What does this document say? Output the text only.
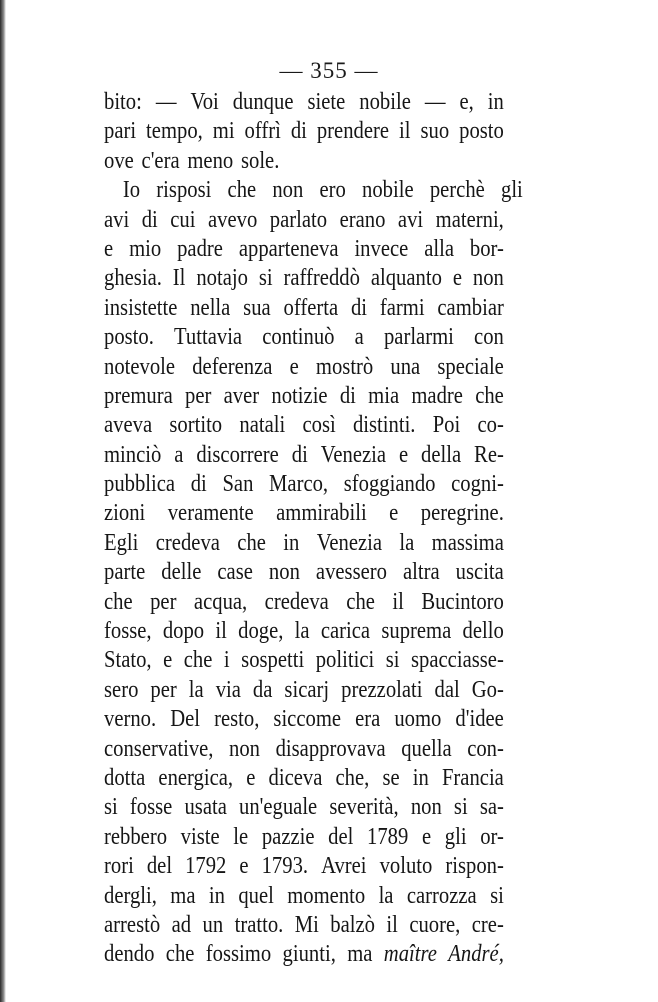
— 355 —
bito: — Voi dunque siete nobile — e, in
pari tempo, mi offrì di prendere il suo posto
ove c'era meno sole.
Io risposi che non ero nobile perchè gli
avi di cui avevo parlato erano avi materni,
e mio padre apparteneva invece alla bor-
ghesia. Il notajo si raffreddò alquanto e non
insistette nella sua offerta di farmi cambiar
posto. Tuttavia continuò a parlarmi con
notevole deferenza e mostrò una speciale
premura per aver notizie di mia madre che
aveva sortito natali così distinti. Poi co-
minciò a discorrere di Venezia e della Re-
pubblica di San Marco, sfoggiando cogni-
zioni veramente ammirabili e peregrine.
Egli credeva che in Venezia la massima
parte delle case non avessero altra uscita
che per acqua, credeva che il Bucintoro
fosse, dopo il doge, la carica suprema dello
Stato, e che i sospetti politici si spacciasse-
sero per la via da sicarj prezzolati dal Go-
verno. Del resto, siccome era uomo d'idee
conservative, non disapprovava quella con-
dotta energica, e diceva che, se in Francia
si fosse usata un'eguale severità, non si sa-
rebbero viste le pazzie del 1789 e gli or-
rori del 1792 e 1793. Avrei voluto rispon-
dergli, ma in quel momento la carrozza si
arrestò ad un tratto. Mi balzò il cuore, cre-
dendo che fossimo giunti, ma maître André,
